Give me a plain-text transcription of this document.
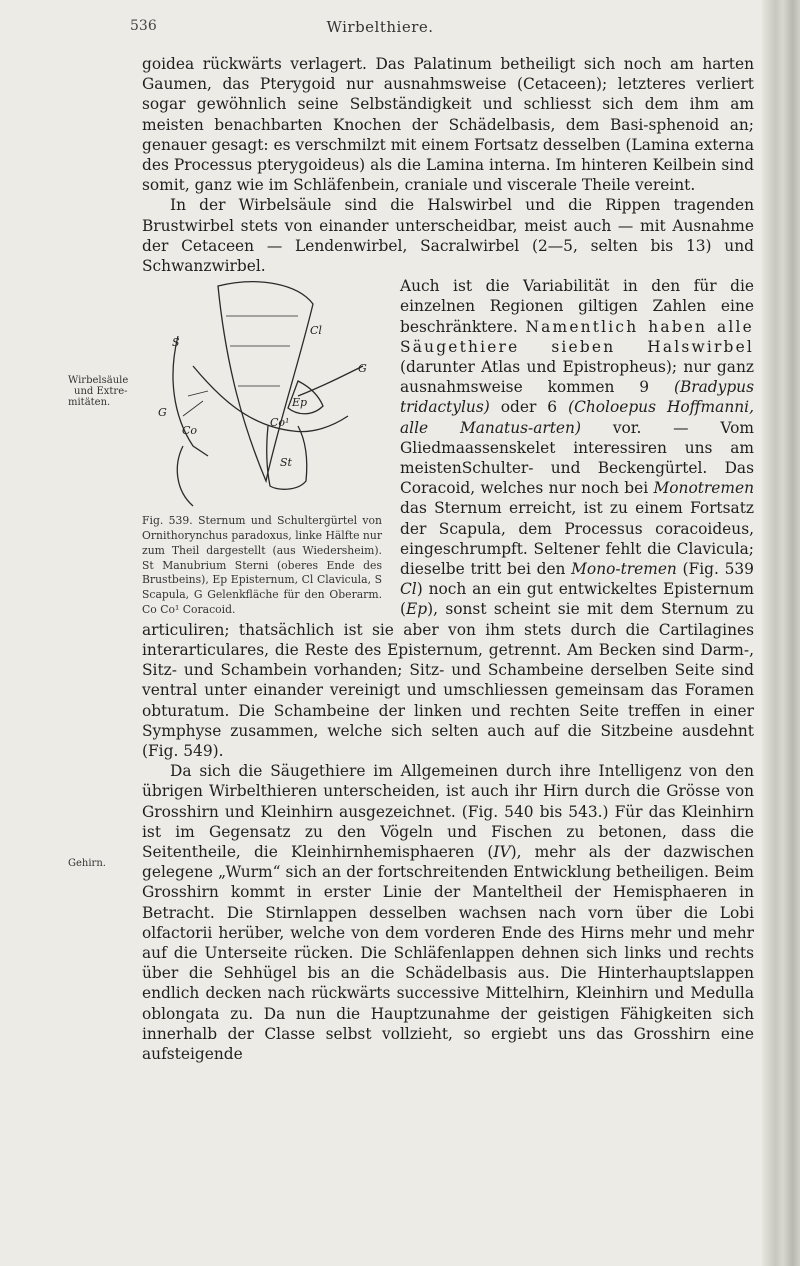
536	Wirbelthiere.
Wirbelsäule
und Extre-
mitäten.
Gehirn.

goidea rückwärts verlagert. Das Palatinum betheiligt sich noch am harten Gaumen, das Pterygoid nur ausnahmsweise (Cetaceen); letzteres verliert sogar gewöhnlich seine Selbständigkeit und schliesst sich dem ihm am meisten benachbarten Knochen der Schädelbasis, dem Basi-sphenoid an; genauer gesagt: es verschmilzt mit einem Fortsatz desselben (Lamina externa des Processus pterygoideus) als die Lamina interna. Im hinteren Keilbein sind somit, ganz wie im Schläfenbein, craniale und viscerale Theile vereint.

In der Wirbelsäule sind die Halswirbel und die Rippen tragenden Brustwirbel stets von einander unterscheidbar, meist auch — mit Ausnahme der Cetaceen — Lendenwirbel, Sacralwirbel (2—5, selten bis 13) und Schwanzwirbel.

S
Cl
G
Ep
Co¹
Co
St
G
Fig. 539. Sternum und Schultergürtel von Ornithorynchus paradoxus, linke Hälfte nur zum Theil dargestellt (aus Wiedersheim). St Manubrium Sterni (oberes Ende des Brustbeins), Ep Episternum, Cl Clavicula, S Scapula, G Gelenkfläche für den Oberarm. Co Co¹ Coracoid.

Auch ist die Variabilität in den für die einzelnen Regionen giltigen Zahlen eine beschränktere. Namentlich haben alle Säugethiere sieben Halswirbel (darunter Atlas und Epistropheus); nur ganz ausnahmsweise kommen 9 (Bradypus tridactylus) oder 6 (Choloepus Hoffmanni, alle Manatus-arten) vor. — Vom Gliedmaassenskelet interessiren uns am meistenSchulter- und Beckengürtel. Das Coracoid, welches nur noch bei Monotremen das Sternum erreicht, ist zu einem Fortsatz der Scapula, dem Processus coracoideus, eingeschrumpft. Seltener fehlt die Clavicula; dieselbe tritt bei den Mono-tremen (Fig. 539 Cl) noch an ein gut entwickeltes Episternum (Ep), sonst scheint sie mit dem Sternum zu articuliren; thatsächlich ist sie aber von ihm stets durch die Cartilagines interarticulares, die Reste des Episternum, getrennt. Am Becken sind Darm-, Sitz- und Schambein vorhanden; Sitz- und Schambeine derselben Seite sind ventral unter einander vereinigt und umschliessen gemeinsam das Foramen obturatum. Die Schambeine der linken und rechten Seite treffen in einer Symphyse zusammen, welche sich selten auch auf die Sitzbeine ausdehnt (Fig. 549).

Da sich die Säugethiere im Allgemeinen durch ihre Intelligenz von den übrigen Wirbelthieren unterscheiden, ist auch ihr Hirn durch die Grösse von Grosshirn und Kleinhirn ausgezeichnet. (Fig. 540 bis 543.) Für das Kleinhirn ist im Gegensatz zu den Vögeln und Fischen zu betonen, dass die Seitentheile, die Kleinhirnhemisphaeren (IV), mehr als der dazwischen gelegene „Wurm“ sich an der fortschreitenden Entwicklung betheiligen. Beim Grosshirn kommt in erster Linie der Manteltheil der Hemisphaeren in Betracht. Die Stirnlappen desselben wachsen nach vorn über die Lobi olfactorii herüber, welche von dem vorderen Ende des Hirns mehr und mehr auf die Unterseite rücken. Die Schläfenlappen dehnen sich links und rechts über die Sehhügel bis an die Schädelbasis aus. Die Hinterhauptslappen endlich decken nach rückwärts successive Mittelhirn, Kleinhirn und Medulla oblongata zu. Da nun die Hauptzunahme der geistigen Fähigkeiten sich innerhalb der Classe selbst vollzieht, so ergiebt uns das Grosshirn eine aufsteigende
